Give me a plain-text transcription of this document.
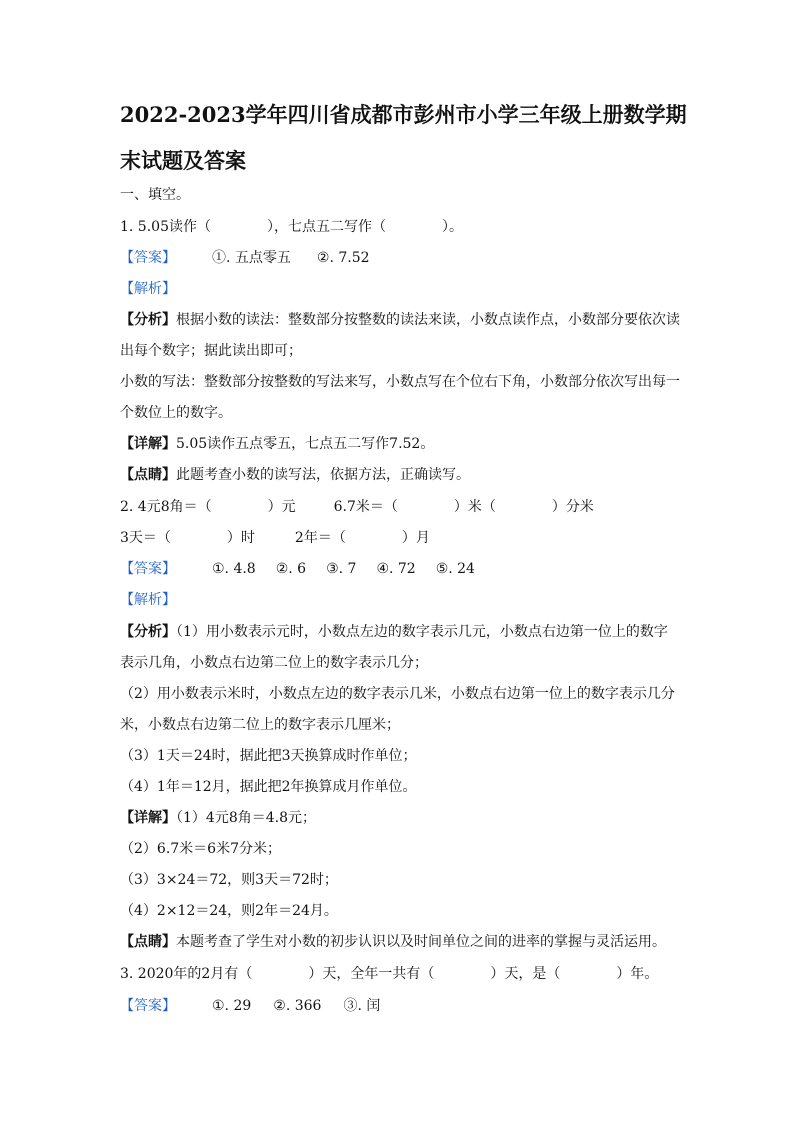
2022-2023学年四川省成都市彭州市小学三年级上册数学期
末试题及答案
一、填空。
1. 5.05读作（　　　　），七点五二写作（　　　　）。
【答案】	①. 五点零五 ②. 7.52
【解析】
【分析】根据小数的读法：整数部分按整数的读法来读，小数点读作点，小数部分要依次读
出每个数字；据此读出即可；
小数的写法：整数部分按整数的写法来写，小数点写在个位右下角，小数部分依次写出每一
个数位上的数字。
【详解】5.05读作五点零五，七点五二写作7.52。
【点睛】此题考查小数的读写法，依据方法，正确读写。
2. 4元8角＝（　　　　）元	6.7米＝（　　　　）米（　　　　）分米
3天＝（　　　　）时	2年＝（　　　　）月
【答案】	①. 4.8 ②. 6 ③. 7 ④. 72 ⑤. 24
【解析】
【分析】（1）用小数表示元时，小数点左边的数字表示几元，小数点右边第一位上的数字
表示几角，小数点右边第二位上的数字表示几分；
（2）用小数表示米时，小数点左边的数字表示几米，小数点右边第一位上的数字表示几分
米，小数点右边第二位上的数字表示几厘米；
（3）1天＝24时，据此把3天换算成时作单位；
（4）1年＝12月，据此把2年换算成月作单位。
【详解】（1）4元8角＝4.8元；
（2）6.7米＝6米7分米；
（3）3×24＝72，则3天＝72时；
（4）2×12＝24，则2年＝24月。
【点睛】本题考查了学生对小数的初步认识以及时间单位之间的进率的掌握与灵活运用。
3. 2020年的2月有（　　　　）天，全年一共有（　　　　）天，是（　　　　）年。
【答案】	①. 29 ②. 366 ③. 闰
